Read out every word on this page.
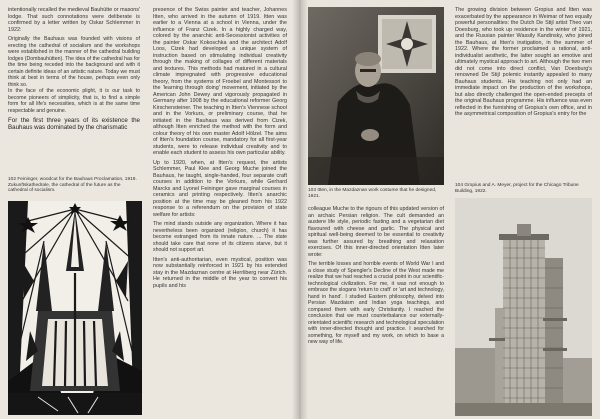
intentionally recalled the medieval Bauhütte or masons' lodge. That such connotations were deliberate is confirmed by a letter written by Oskar Schlemmer in 1922:

Originally the Bauhaus was founded with visions of erecting the cathedral of socialism and the workshops were established in the manner of the cathedral building lodges (Dombauhütten). The idea of the cathedral has for the time being receded into the background and with it certain definite ideas of an artistic nature. Today we must think at best in terms of the house, perhaps even only think so.
In the face of the economic plight, it is our task to become pioneers of simplicity, that is, to find a simple form for all life's necessities, which is at the same time respectable and genuine.

For the first three years of its existence the Bauhaus was dominated by the charismatic

102 Feininger, woodcut for the Bauhaus Proclamation, 1919. Zukunftskathedrale, the cathedral of the future as the cathedral of socialism.

presence of the Swiss painter and teacher, Johannes Itten, who arrived in the autumn of 1919. Itten was earlier to a Vienna at a school in Vienna, under the influence of Franz Cizek. In a highly charged way, colored by the anarchic anti-Secessionist activities of the painter Oskar Kokoschka and the architect Adolf Loos, Cizek had developed a unique system of instruction based on stimulating individual creativity through the making of collages of different materials and textures. This methods had matured in a cultural climate impregnated with progressive educational theory, from the systems of Froebel and Montessori to the 'learning through doing' movement, initiated by the American John Dewey and vigorously propagated in Germany after 1908 by the educational reformer Georg Kirschensteiner. The teaching in Itten's Viennese school and in the Vorkurs, or preliminary course, that he initiated in the Bauhaus was derived from Cizek, although Itten enriched the method with the form and colour theory of his own master Adolf Hölzel. The aims of Itten's foundation course, mandatory for all first-year students, were to release individual creativity and to enable each student to assess his own particular ability.

Up to 1920, when, at Itten's request, the artists Schlemmer, Paul Klee and Georg Muche joined the Bauhaus, he taught, single-handed, four separate craft courses in addition to the Vorkurs, while Gerhard Marcks and Lyonel Feininger gave marginal courses in ceramics and printing respectively. Itten's anarchic position at the time may be gleaned from his 1922 response to a referendum on the provision of state welfare for artists:

The mind stands outside any organization. Where it has nevertheless been organized (religion, church) it has become estranged from its innate nature. ... The state should take care that none of its citizens starve, but it should not support art.

Itten's anti-authoritarian, even mystical, position was now substantially reinforced in 1921 by his extended stay in the Mazdaznan centre at Herrliberg near Zürich. He returned in the middle of the year to convert his pupils and his

103 Itten, in the Mazdaznan work costume that he designed, 1921.

colleague Muche to the rigours of this updated version of an archaic Persian religion. The cult demanded an austere life style, periodic fasting and a vegetarian diet flavoured with cheese and garlic. The physical and spiritual well-being deemed to be essential to creativity was further assured by breathing and relaxation exercises. Of this inner-directed orientation Itten later wrote:

The terrible losses and horrible events of World War I and a close study of Spengler's Decline of the West made me realize that we had reached a crucial point in our scientific-technological civilization. For me, it was not enough to embrace the slogans 'return to craft' or 'art and technology, hand in hand'. I studied Eastern philosophy, delved into Persian Mazdaism and Indian yoga teachings, and compared them with early Christianity. I reached the conclusion that we must counterbalance our externally-orientated scientific research and technological speculation with inner-directed thought and practice. I searched for something, for myself and my work, on which to base a new way of life.

The growing division between Gropius and Itten was exacerbated by the appearance in Weimar of two equally powerful personalities: the Dutch De Stijl artist Theo van Doesburg, who took up residence in the winter of 1921, and the Russian painter Wassily Kandinsky, who joined the Bauhaus, at Itten's instigation, in the summer of 1922. Where the former proclaimed a rational, anti-individualist aesthetic, the latter sought an emotive and ultimately mystical approach to art. Although the two men did not come into direct conflict, Van Doesburg's renowned De Stijl polemic instantly appealed to many Bauhaus students. His teaching not only had an immediate impact on the production of the workshops, but also directly challenged the open-ended precepts of the original Bauhaus programme. His influence was even reflected in the furnishing of Gropius's own office, and in the asymmetrical composition of Gropius's entry for the

104 Gropius and A. Meyer, project for the Chicago Tribune Building, 1922.
